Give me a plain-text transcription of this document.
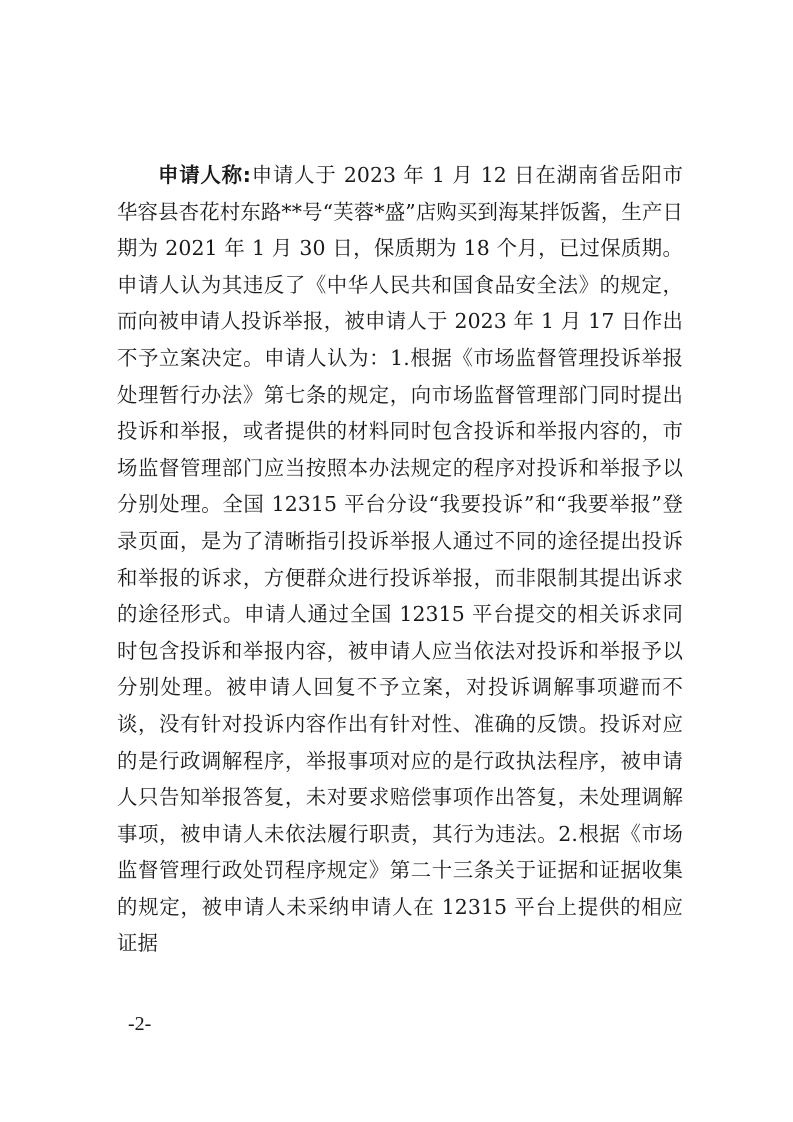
申请人称:申请人于 2023 年 1 月 12 日在湖南省岳阳市华容县杏花村东路**号“芙蓉*盛”店购买到海某拌饭酱，生产日期为 2021 年 1 月 30 日，保质期为 18 个月，已过保质期。申请人认为其违反了《中华人民共和国食品安全法》的规定，而向被申请人投诉举报，被申请人于 2023 年 1 月 17 日作出不予立案决定。申请人认为：1.根据《市场监督管理投诉举报处理暂行办法》第七条的规定，向市场监督管理部门同时提出投诉和举报，或者提供的材料同时包含投诉和举报内容的，市场监督管理部门应当按照本办法规定的程序对投诉和举报予以分别处理。全国 12315 平台分设“我要投诉”和“我要举报”登录页面，是为了清晰指引投诉举报人通过不同的途径提出投诉和举报的诉求，方便群众进行投诉举报，而非限制其提出诉求的途径形式。申请人通过全国 12315 平台提交的相关诉求同时包含投诉和举报内容，被申请人应当依法对投诉和举报予以分别处理。被申请人回复不予立案，对投诉调解事项避而不谈，没有针对投诉内容作出有针对性、准确的反馈。投诉对应的是行政调解程序，举报事项对应的是行政执法程序，被申请人只告知举报答复，未对要求赔偿事项作出答复，未处理调解事项，被申请人未依法履行职责，其行为违法。2.根据《市场监督管理行政处罚程序规定》第二十三条关于证据和证据收集的规定，被申请人未采纳申请人在 12315 平台上提供的相应证据

-2-
